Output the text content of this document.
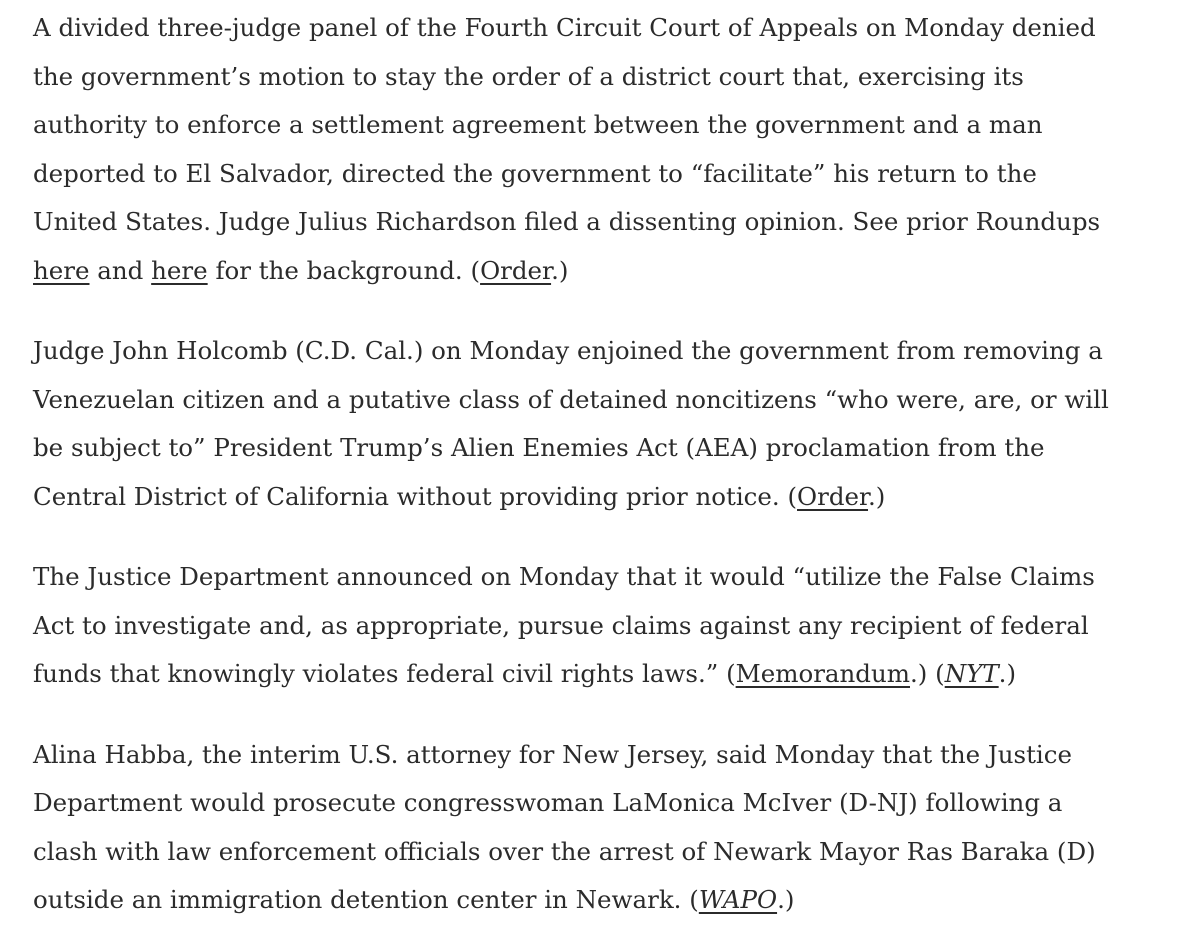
A divided three-judge panel of the Fourth Circuit Court of Appeals on Monday denied
the government’s motion to stay the order of a district court that, exercising its
authority to enforce a settlement agreement between the government and a man
deported to El Salvador, directed the government to “facilitate” his return to the
United States. Judge Julius Richardson filed a dissenting opinion. See prior Roundups
here and here for the background. (Order.)

Judge John Holcomb (C.D. Cal.) on Monday enjoined the government from removing a
Venezuelan citizen and a putative class of detained noncitizens “who were, are, or will
be subject to” President Trump’s Alien Enemies Act (AEA) proclamation from the
Central District of California without providing prior notice. (Order.)

The Justice Department announced on Monday that it would “utilize the False Claims
Act to investigate and, as appropriate, pursue claims against any recipient of federal
funds that knowingly violates federal civil rights laws.” (Memorandum.) (NYT.)

Alina Habba, the interim U.S. attorney for New Jersey, said Monday that the Justice
Department would prosecute congresswoman LaMonica McIver (D-NJ) following a
clash with law enforcement officials over the arrest of Newark Mayor Ras Baraka (D)
outside an immigration detention center in Newark. (WAPO.)
